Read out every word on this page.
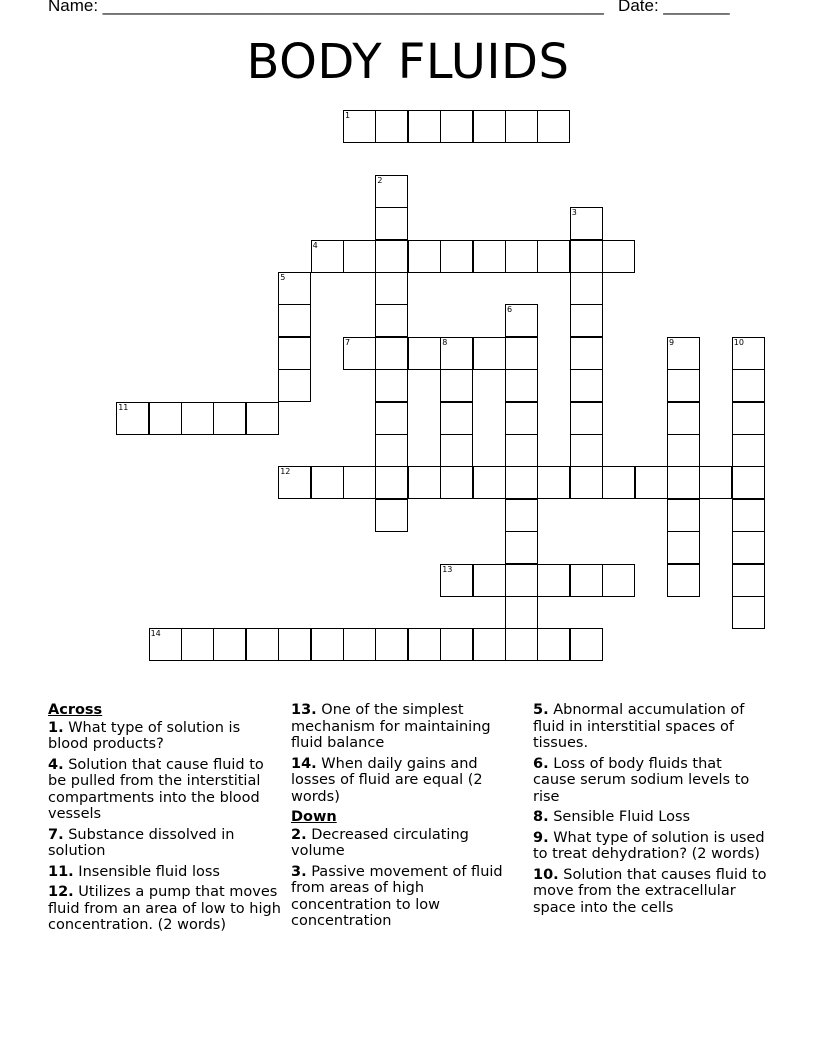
Name: _____________________________________________________   Date: _______
BODY FLUIDS
1
2
3
4
5
6
7	8	9	10
11
12
13
14
Across
1. What type of solution is blood products?
4. Solution that cause fluid to be pulled from the interstitial compartments into the blood vessels
7. Substance dissolved in solution
11. Insensible fluid loss
12. Utilizes a pump that moves fluid from an area of low to high concentration. (2 words)
13. One of the simplest mechanism for maintaining fluid balance
14. When daily gains and losses of fluid are equal (2 words)
Down
2. Decreased circulating volume
3. Passive movement of fluid from areas of high concentration to low concentration
5. Abnormal accumulation of fluid in interstitial spaces of tissues.
6. Loss of body fluids that cause serum sodium levels to rise
8. Sensible Fluid Loss
9. What type of solution is used to treat dehydration? (2 words)
10. Solution that causes fluid to move from the extracellular space into the cells
